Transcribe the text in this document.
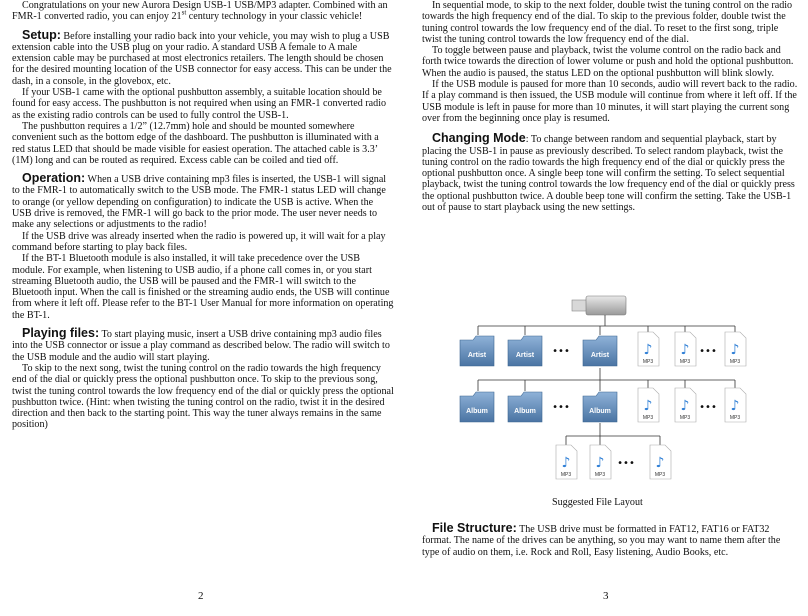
Congratulations on your new Aurora Design USB-1 USB/MP3 adapter. Combined with an FMR-1 converted radio, you can enjoy 21st century technology in your classic vehicle!

Setup: Before installing your radio back into your vehicle, you may wish to plug a USB extension cable into the USB plug on your radio. A standard USB A female to A male extension cable may be purchased at most electronics retailers. The length should be chosen for the desired mounting location of the USB connector for easy access. This can be under the dash, in a console, in the glovebox, etc.

If your USB-1 came with the optional pushbutton assembly, a suitable location should be found for easy access. The pushbutton is not required when using an FMR-1 converted radio as the existing radio controls can be used to fully control the USB-1.

The pushbutton requires a 1/2” (12.7mm) hole and should be mounted somewhere convenient such as the bottom edge of the dashboard. The pushbutton is illuminated with a red status LED that should be made visible for easiest operation. The attached cable is 3.3’ (1M) long and can be routed as required. Excess cable can be coiled and tied off.

Operation: When a USB drive containing mp3 files is inserted, the USB-1 will signal to the FMR-1 to automatically switch to the USB mode. The FMR-1 status LED will change to orange (or yellow depending on configuration) to indicate the USB is active. When the USB drive is removed, the FMR-1 will go back to the prior mode. The user never needs to make any selections or adjustments to the radio!

If the USB drive was already inserted when the radio is powered up, it will wait for a play command before starting to play back files.

If the BT-1 Bluetooth module is also installed, it will take precedence over the USB module. For example, when listening to USB audio, if a phone call comes in, or you start streaming Bluetooth audio, the USB will be paused and the FMR-1 will switch to the Bluetooth input. When the call is finished or the streaming audio ends, the USB will continue from where it left off. Please refer to the BT-1 User Manual for more information on operating the BT-1.

Playing files: To start playing music, insert a USB drive containing mp3 audio files into the USB connector or issue a play command as described below. The radio will switch to the USB module and the audio will start playing.

To skip to the next song, twist the tuning control on the radio towards the high frequency end of the dial or quickly press the optional pushbutton once. To skip to the previous song, twist the tuning control towards the low frequency end of the dial or quickly press the optional pushbutton twice. (Hint: when twisting the tuning control on the radio, twist it in the desired direction and then back to the starting point. This way the tuner always remains in the same position)

2

In sequential mode, to skip to the next folder, double twist the tuning control on the radio towards the high frequency end of the dial. To skip to the previous folder, double twist the tuning control towards the low frequency end of the dial. To reset to the first song, triple twist the tuning control towards the low frequency end of the dial.

To toggle between pause and playback, twist the volume control on the radio back and forth twice towards the direction of lower volume or push and hold the optional pushbutton. When the audio is paused, the status LED on the optional pushbutton will blink slowly.

If the USB module is paused for more than 10 seconds, audio will revert back to the radio. If a play command is then issued, the USB module will continue from where it left off. If the USB module is left in pause for more than 10 minutes, it will start playing the current song over from the beginning once play is resumed.

Changing Mode: To change between random and sequential playback, start by placing the USB-1 in pause as previously described. To select random playback, twist the tuning control on the radio towards the high frequency end of the dial or quickly press the optional pushbutton once. A single beep tone will confirm the setting. To select sequential playback, twist the tuning control towards the low frequency end of the dial or quickly press the optional pushbutton twice. A double beep tone will confirm the setting. Take the USB-1 out of pause to start playback using the new settings.

Artist	Artist •••	Artist ♪
MP3
♪
MP3
••• ♪
MP3
Album	Album •••	Album ♪
MP3
♪
MP3
••• ♪
MP3
♪
MP3
♪
MP3
••• ♪
MP3
Suggested File Layout

File Structure: The USB drive must be formatted in FAT12, FAT16 or FAT32 format. The name of the drives can be anything, so you may want to name them after the type of audio on them, i.e. Rock and Roll, Easy listening, Audio Books, etc.

3
